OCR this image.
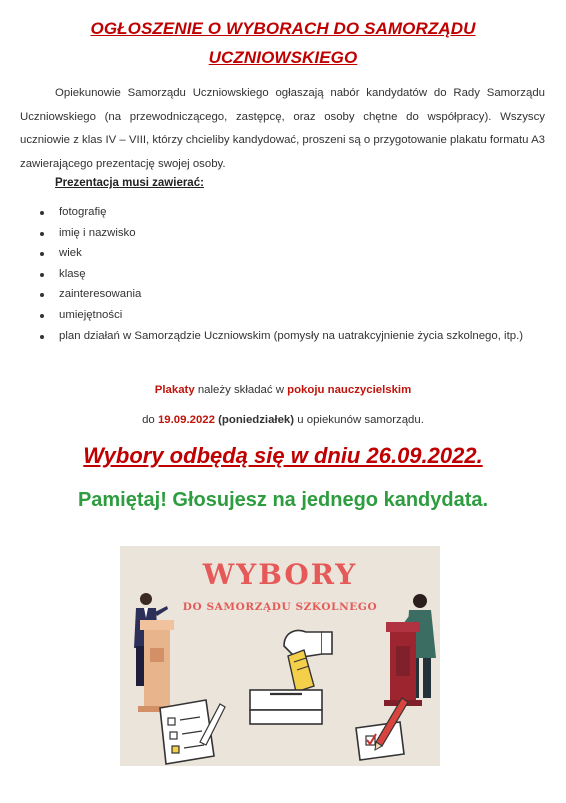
OGŁOSZENIE O WYBORACH DO SAMORZĄDU
UCZNIOWSKIEGO

Opiekunowie Samorządu Uczniowskiego ogłaszają nabór kandydatów do Rady Samorządu Uczniowskiego (na przewodniczącego, zastępcę, oraz osoby chętne do współpracy). Wszyscy uczniowie z klas IV – VIII, którzy chcieliby kandydować, proszeni są o przygotowanie plakatu formatu A3 zawierającego prezentację swojej osoby.

Prezentacja musi zawierać:

fotografię
imię i nazwisko
wiek
klasę
zainteresowania
umiejętności
plan działań w Samorządzie Uczniowskim (pomysły na uatrakcyjnienie życia szkolnego, itp.)
Plakaty należy składać w pokoju nauczycielskim
do 19.09.2022 (poniedziałek) u opiekunów samorządu.
Wybory odbędą się w dniu 26.09.2022.
Pamiętaj! Głosujesz na jednego kandydata.
WYBORY
DO SAMORZĄDU SZKOLNEGO
